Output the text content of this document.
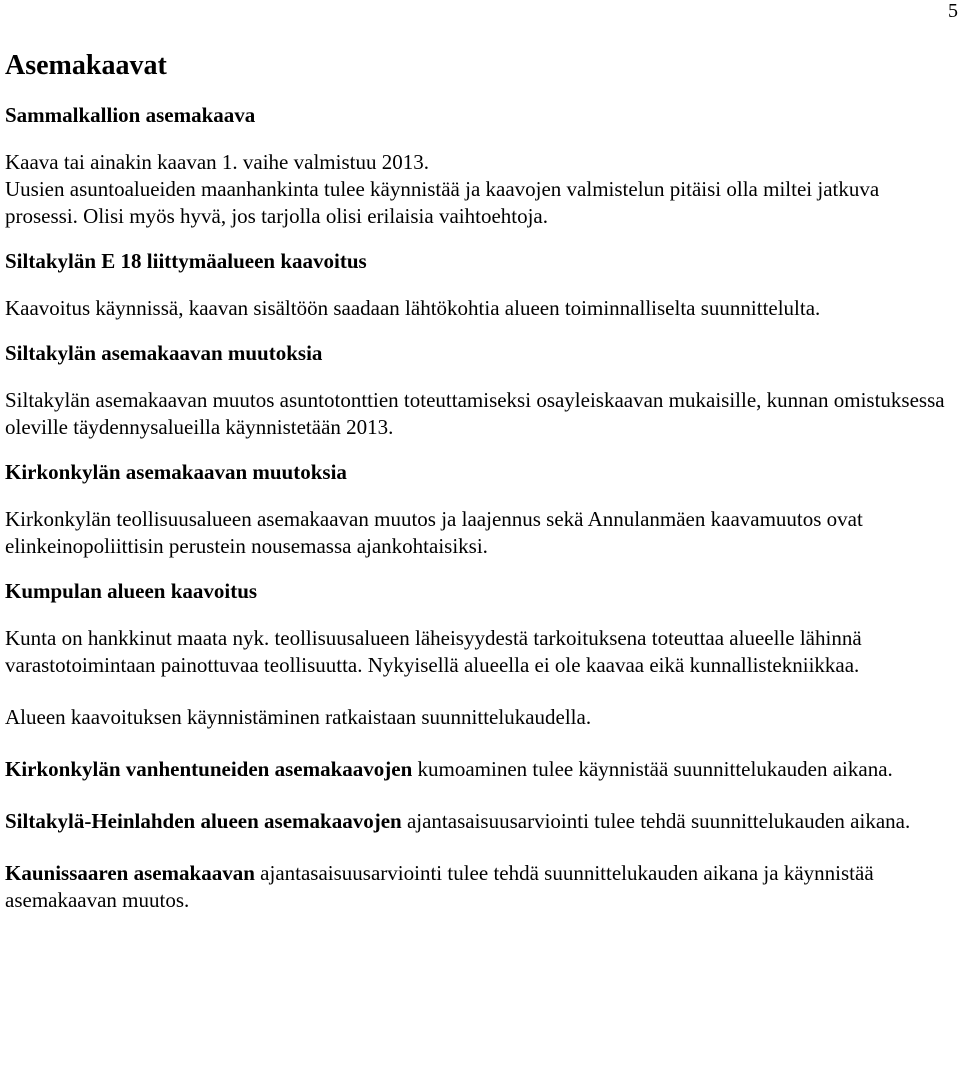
5
Asemakaavat
Sammalkallion asemakaava
Kaava tai ainakin kaavan 1. vaihe valmistuu 2013.
Uusien asuntoalueiden maanhankinta tulee käynnistää ja kaavojen valmistelun pitäisi olla miltei jatkuva prosessi. Olisi myös hyvä, jos tarjolla olisi erilaisia vaihtoehtoja.
Siltakylän E 18 liittymäalueen kaavoitus
Kaavoitus käynnissä, kaavan sisältöön saadaan lähtökohtia alueen toiminnalliselta suunnittelulta.
Siltakylän asemakaavan muutoksia
Siltakylän asemakaavan muutos asuntotonttien toteuttamiseksi osayleiskaavan mukaisille, kunnan omistuksessa oleville täydennysalueilla käynnistetään 2013.
Kirkonkylän asemakaavan muutoksia
Kirkonkylän teollisuusalueen asemakaavan muutos ja laajennus sekä Annulanmäen kaavamuutos ovat elinkeinopoliittisin perustein nousemassa ajankohtaisiksi.
Kumpulan alueen kaavoitus
Kunta on hankkinut maata nyk. teollisuusalueen läheisyydestä tarkoituksena toteuttaa alueelle lähinnä varastotoimintaan painottuvaa teollisuutta. Nykyisellä alueella ei ole kaavaa eikä kunnallistekniikkaa.
Alueen kaavoituksen käynnistäminen ratkaistaan suunnittelukaudella.
Kirkonkylän vanhentuneiden asemakaavojen kumoaminen tulee käynnistää suunnittelukauden aikana.
Siltakylä-Heinlahden alueen asemakaavojen ajantasaisuusarviointi tulee tehdä suunnittelukauden aikana.
Kaunissaaren asemakaavan ajantasaisuusarviointi tulee tehdä suunnittelukauden aikana ja käynnistää asemakaavan muutos.
